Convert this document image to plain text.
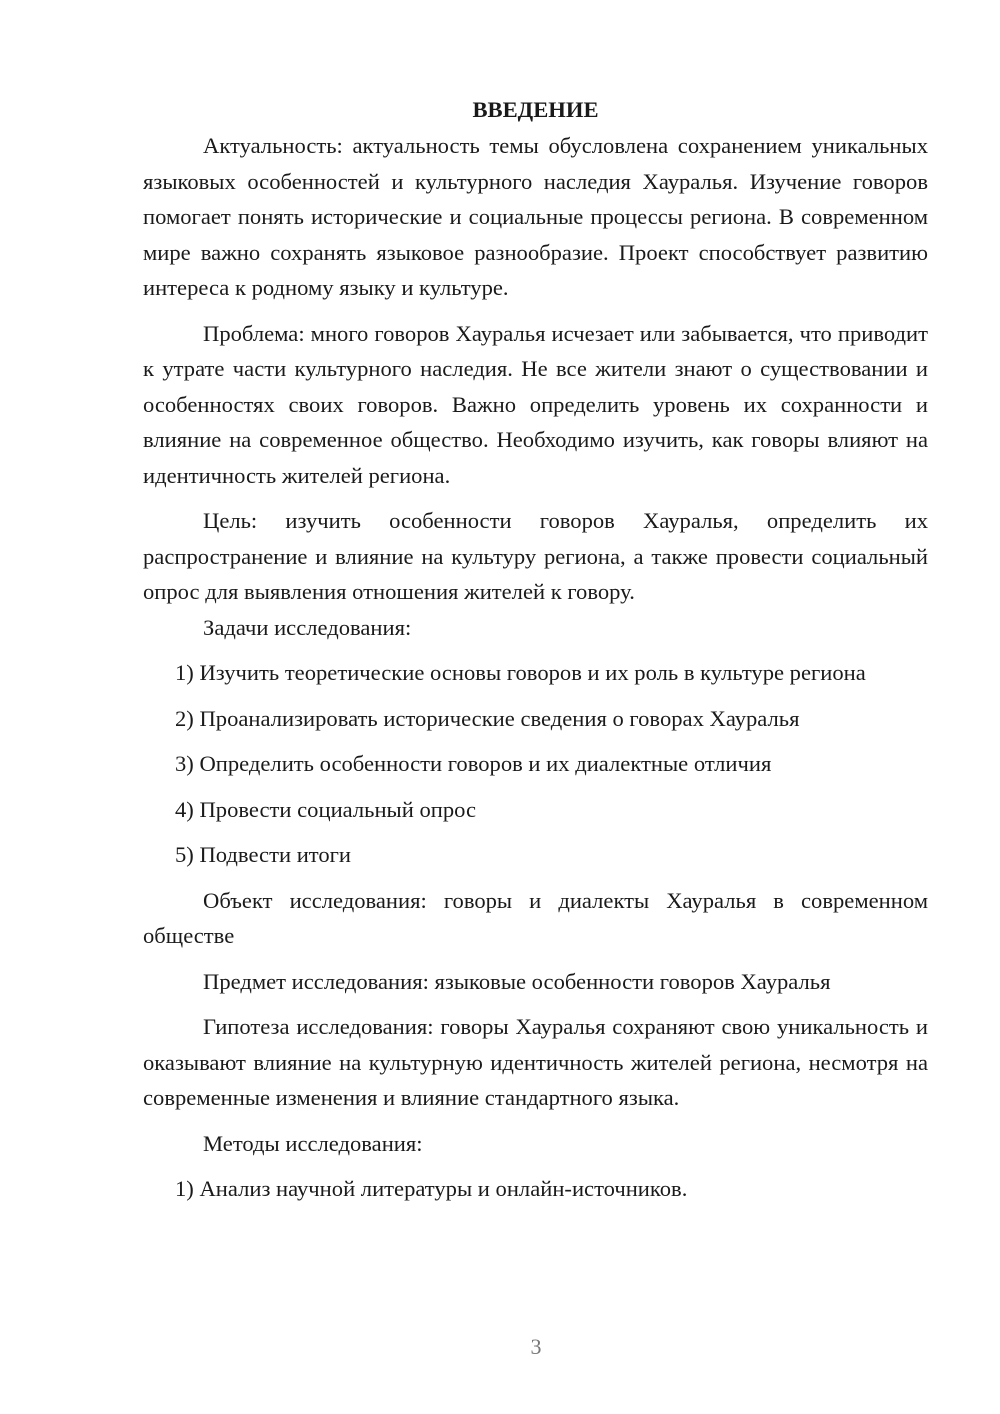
ВВЕДЕНИЕ

Актуальность: актуальность темы обусловлена сохранением уникальных языковых особенностей и культурного наследия Хауралья. Изучение говоров помогает понять исторические и социальные процессы региона. В современном мире важно сохранять языковое разнообразие. Проект способствует развитию интереса к родному языку и культуре.

Проблема: много говоров Хауралья исчезает или забывается, что приводит к утрате части культурного наследия. Не все жители знают о существовании и особенностях своих говоров. Важно определить уровень их сохранности и влияние на современное общество. Необходимо изучить, как говоры влияют на идентичность жителей региона.

Цель: изучить особенности говоров Хауралья, определить их распространение и влияние на культуру региона, а также провести социальный опрос для выявления отношения жителей к говору.

Задачи исследования:

1) Изучить теоретические основы говоров и их роль в культуре региона

2) Проанализировать исторические сведения о говорах Хауралья

3) Определить особенности говоров и их диалектные отличия

4) Провести социальный опрос

5) Подвести итоги

Объект исследования: говоры и диалекты Хауралья в современном обществе

Предмет исследования: языковые особенности говоров Хауралья

Гипотеза исследования: говоры Хауралья сохраняют свою уникальность и оказывают влияние на культурную идентичность жителей региона, несмотря на современные изменения и влияние стандартного языка.

Методы исследования:

1) Анализ научной литературы и онлайн-источников.

3
